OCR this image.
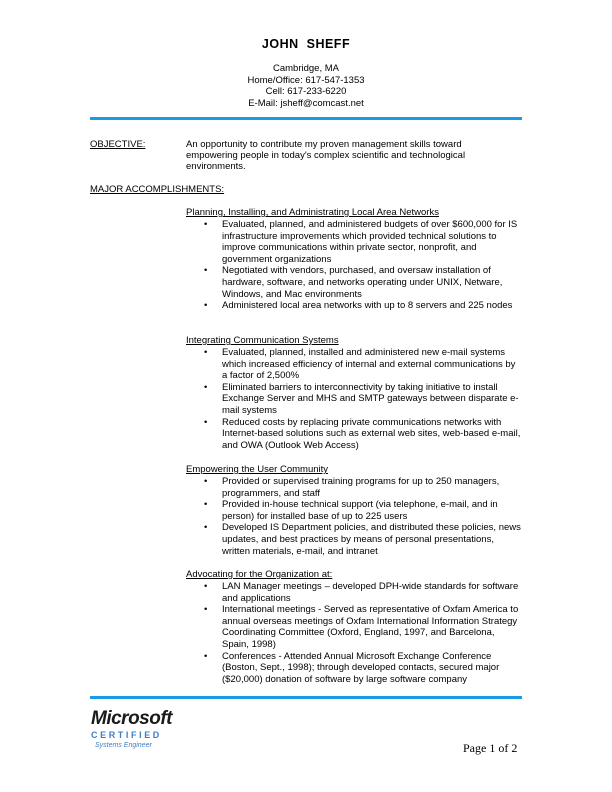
JOHN SHEFF
Cambridge, MA
Home/Office: 617-547-1353
Cell: 617-233-6220
E-Mail: jsheff@comcast.net
OBJECTIVE:	An opportunity to contribute my proven management skills toward empowering people in today's complex scientific and technological environments.
MAJOR ACCOMPLISHMENTS:
Planning, Installing, and Administrating Local Area Networks
• Evaluated, planned, and administered budgets of over $600,000 for IS infrastructure improvements which provided technical solutions to improve communications within private sector, nonprofit, and government organizations
• Negotiated with vendors, purchased, and oversaw installation of hardware, software, and networks operating under UNIX, Netware, Windows, and Mac environments
• Administered local area networks with up to 8 servers and 225 nodes
Integrating Communication Systems
• Evaluated, planned, installed and administered new e-mail systems which increased efficiency of internal and external communications by a factor of 2,500%
• Eliminated barriers to interconnectivity by taking initiative to install Exchange Server and MHS and SMTP gateways between disparate e-mail systems
• Reduced costs by replacing private communications networks with Internet-based solutions such as external web sites, web-based e-mail, and OWA (Outlook Web Access)
Empowering the User Community
• Provided or supervised training programs for up to 250 managers, programmers, and staff
• Provided in-house technical support (via telephone, e-mail, and in person) for installed base of up to 225 users
• Developed IS Department policies, and distributed these policies, news updates, and best practices by means of personal presentations, written materials, e-mail, and intranet
Advocating for the Organization at:
• LAN Manager meetings – developed DPH-wide standards for software and applications
• International meetings - Served as representative of Oxfam America to annual overseas meetings of Oxfam International Information Strategy Coordinating Committee (Oxford, England, 1997, and Barcelona, Spain, 1998)
• Conferences - Attended Annual Microsoft Exchange Conference (Boston, Sept., 1998); through developed contacts, secured major ($20,000) donation of software by large software company
Microsoft
CERTIFIED
Systems Engineer	Page 1 of 2
